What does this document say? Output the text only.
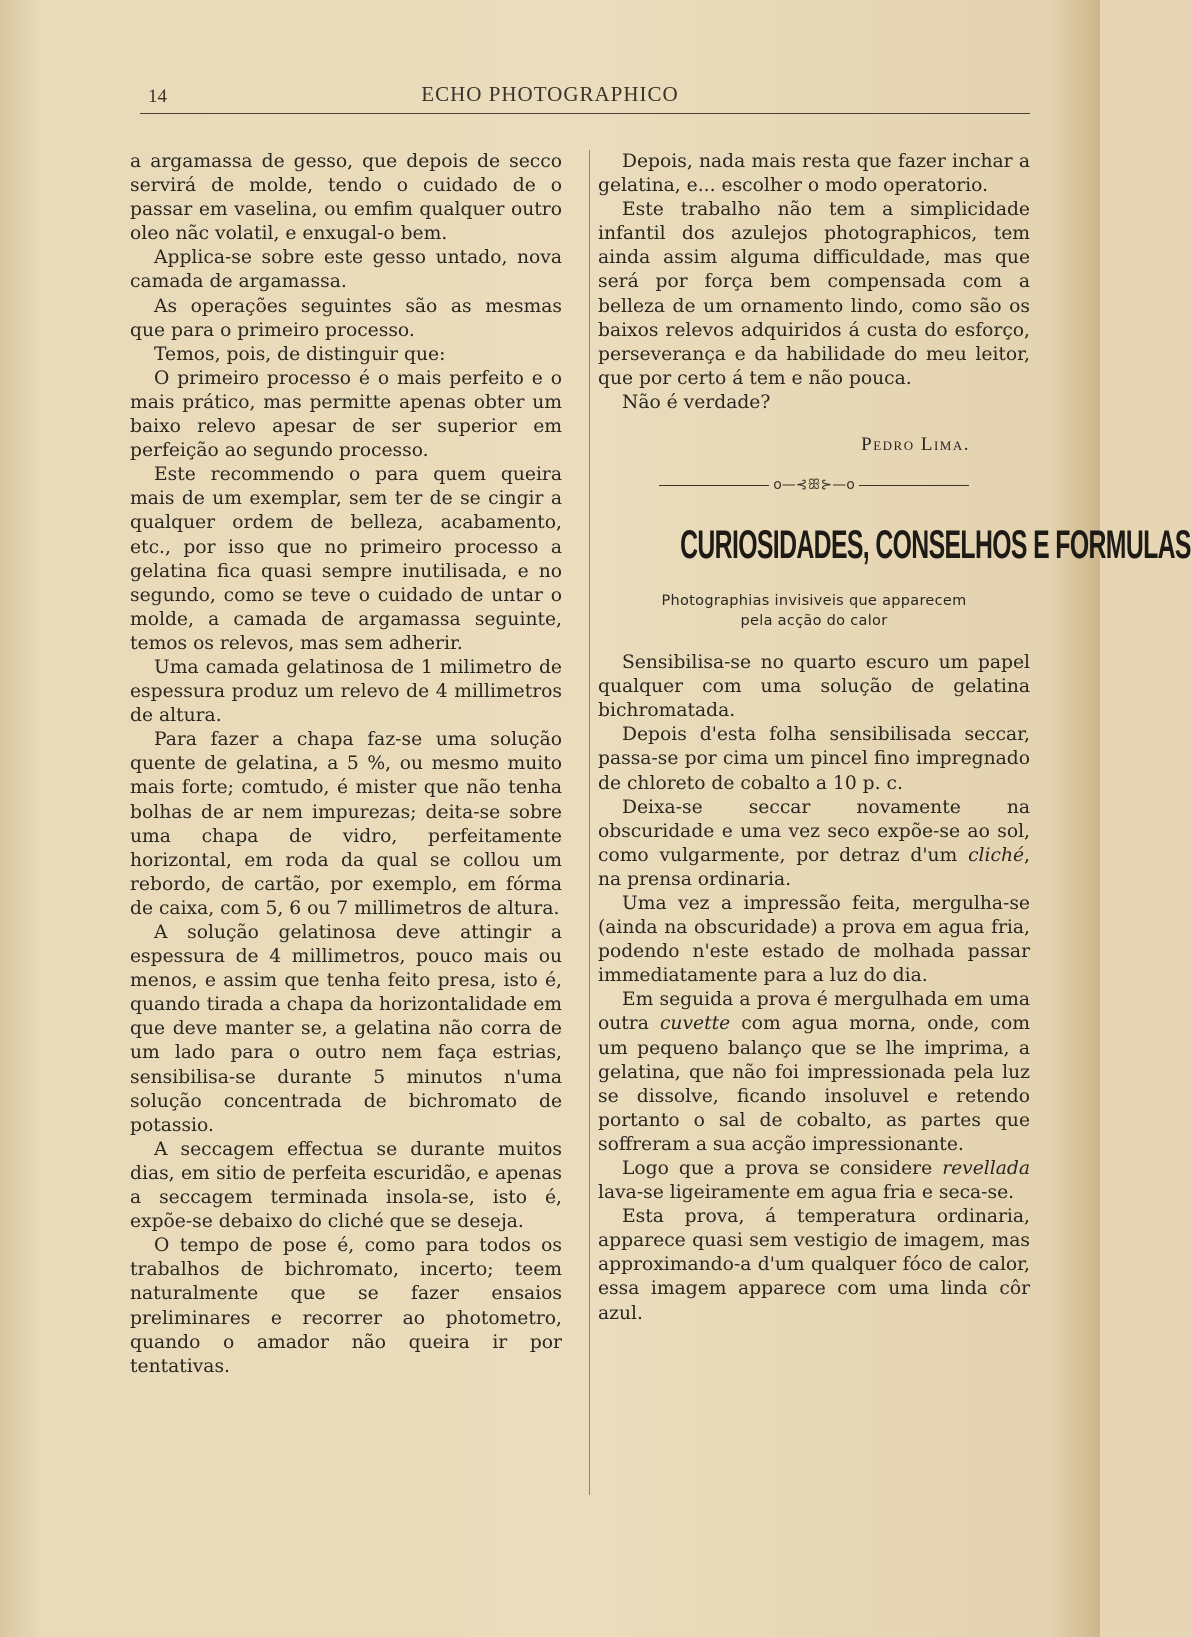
14	ECHO PHOTOGRAPHICO

a argamassa de gesso, que depois de secco servirá de molde, tendo o cuidado de o passar em vaselina, ou emfim qualquer outro oleo nãc volatil, e enxugal-o bem.

Applica-se sobre este gesso untado, nova camada de argamassa.

As operações seguintes são as mesmas que para o primeiro processo.

Temos, pois, de distinguir que:

O primeiro processo é o mais perfeito e o mais prático, mas permitte apenas obter um baixo relevo apesar de ser superior em perfeição ao segundo processo.

Este recommendo o para quem queira mais de um exemplar, sem ter de se cingir a qualquer ordem de belleza, acabamento, etc., por isso que no primeiro processo a gelatina fica quasi sempre inutilisada, e no segundo, como se teve o cuidado de untar o molde, a camada de argamassa seguinte, temos os relevos, mas sem adherir.

Uma camada gelatinosa de 1 milimetro de espessura produz um relevo de 4 millimetros de altura.

Para fazer a chapa faz-se uma solução quente de gelatina, a 5 %, ou mesmo muito mais forte; comtudo, é mister que não tenha bolhas de ar nem impurezas; deita-se sobre uma chapa de vidro, perfeitamente horizontal, em roda da qual se collou um rebordo, de cartão, por exemplo, em fórma de caixa, com 5, 6 ou 7 millimetros de altura.

A solução gelatinosa deve attingir a espessura de 4 millimetros, pouco mais ou menos, e assim que tenha feito presa, isto é, quando tirada a chapa da horizontalidade em que deve manter se, a gelatina não corra de um lado para o outro nem faça estrias, sensibilisa-se durante 5 minutos n'uma solução concentrada de bichromato de potassio.

A seccagem effectua se durante muitos dias, em sitio de perfeita escuridão, e apenas a seccagem terminada insola-se, isto é, expõe-se debaixo do cliché que se deseja.

O tempo de pose é, como para todos os trabalhos de bichromato, incerto; teem naturalmente que se fazer ensaios preliminares e recorrer ao photometro, quando o amador não queira ir por tentativas.

Depois, nada mais resta que fazer inchar a gelatina, e... escolher o modo operatorio.

Este trabalho não tem a simplicidade infantil dos azulejos photographicos, tem ainda assim alguma difficuldade, mas que será por força bem compensada com a belleza de um ornamento lindo, como são os baixos relevos adquiridos á custa do esforço, perseverança e da habilidade do meu leitor, que por certo á tem e não pouca.

Não é verdade?

Pedro Lima.
o—⊰ꕥ⊱—o
CURIOSIDADES, CONSELHOS E FORMULAS
Photographias invisiveis que apparecem
pela acção do calor

Sensibilisa-se no quarto escuro um papel qualquer com uma solução de gelatina bichromatada.

Depois d'esta folha sensibilisada seccar, passa-se por cima um pincel fino impregnado de chloreto de cobalto a 10 p. c.

Deixa-se seccar novamente na obscuridade e uma vez seco expõe-se ao sol, como vulgarmente, por detraz d'um cliché, na prensa ordinaria.

Uma vez a impressão feita, mergulha-se (ainda na obscuridade) a prova em agua fria, podendo n'este estado de molhada passar immediatamente para a luz do dia.

Em seguida a prova é mergulhada em uma outra cuvette com agua morna, onde, com um pequeno balanço que se lhe imprima, a gelatina, que não foi impressionada pela luz se dissolve, ficando insoluvel e retendo portanto o sal de cobalto, as partes que soffreram a sua acção impressionante.

Logo que a prova se considere revellada lava-se ligeiramente em agua fria e seca-se.

Esta prova, á temperatura ordinaria, apparece quasi sem vestigio de imagem, mas approximando-a d'um qualquer fóco de calor, essa imagem apparece com uma linda côr azul.
